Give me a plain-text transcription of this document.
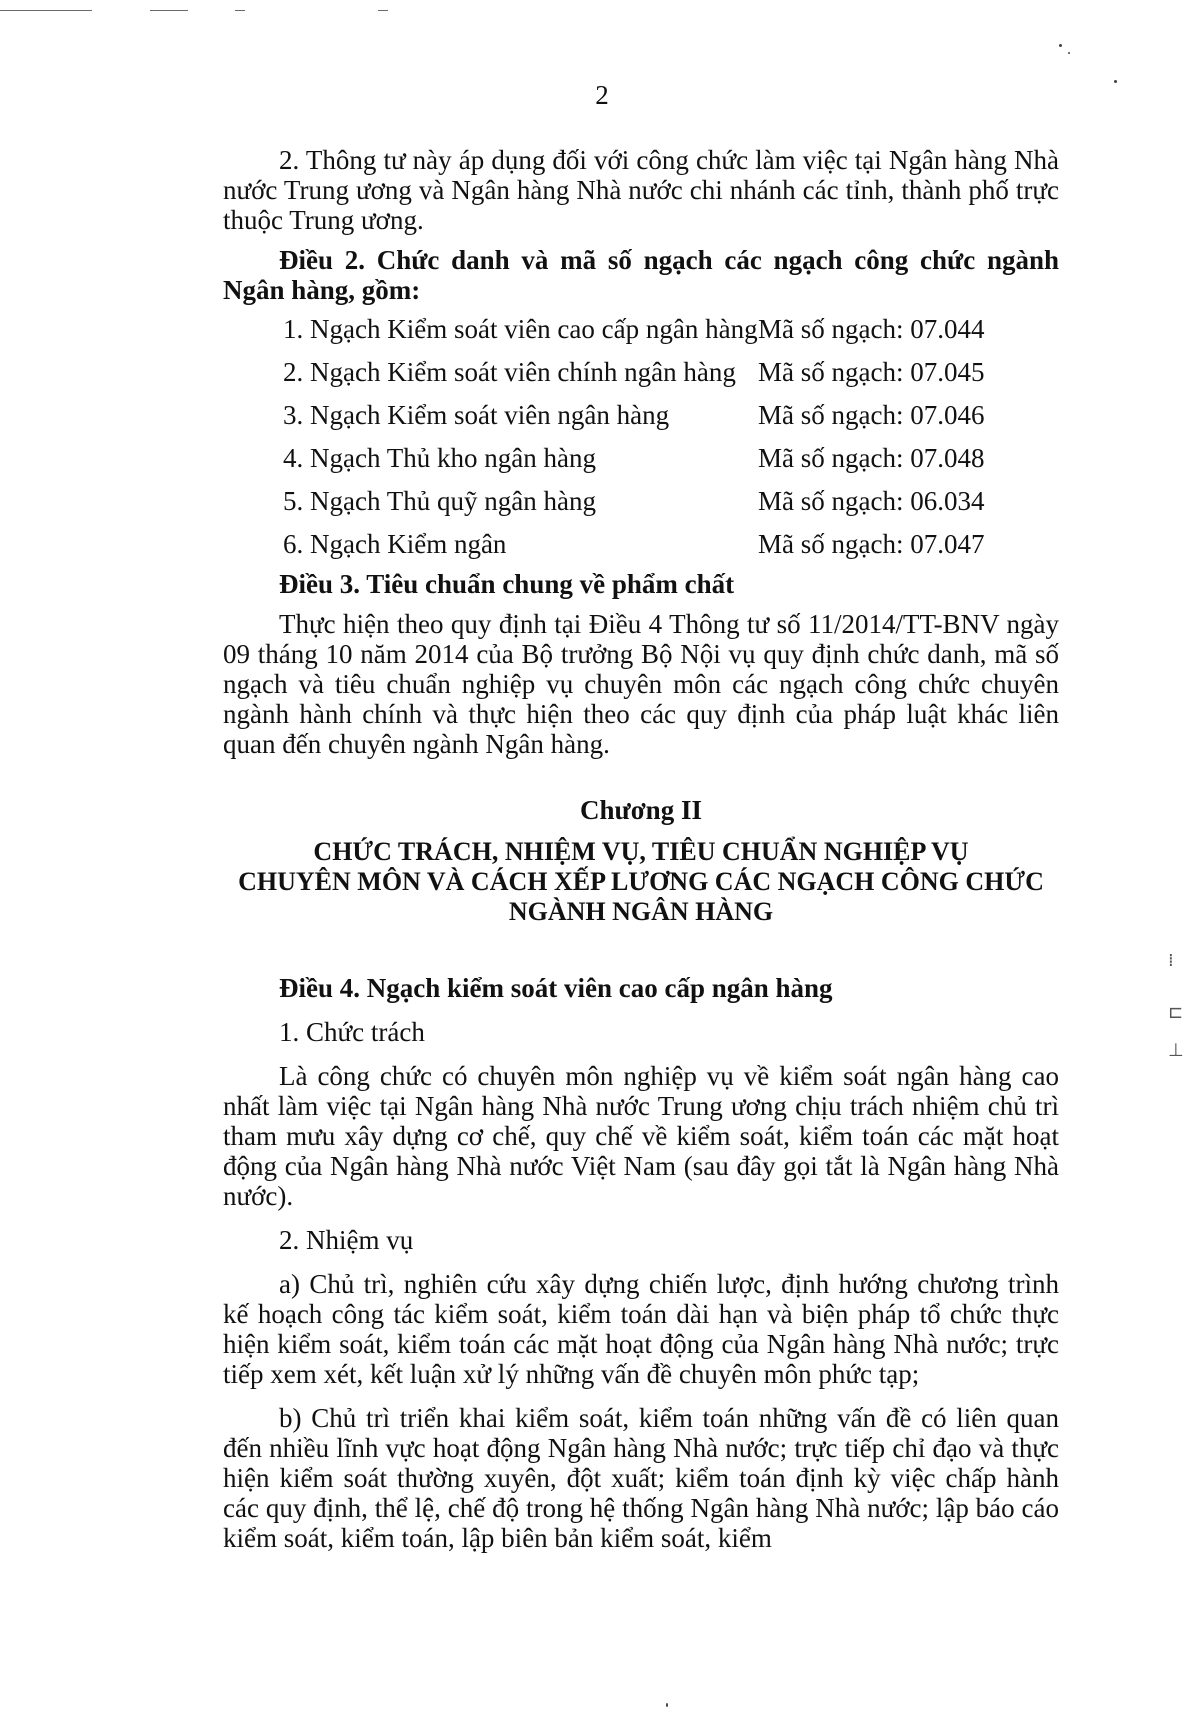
⁞
⊏
⊥
2

2. Thông tư này áp dụng đối với công chức làm việc tại Ngân hàng Nhà nước Trung ương và Ngân hàng Nhà nước chi nhánh các tỉnh, thành phố trực thuộc Trung ương.

Điều 2. Chức danh và mã số ngạch các ngạch công chức ngành Ngân hàng, gồm:

1. Ngạch Kiểm soát viên cao cấp ngân hàng Mã số ngạch: 07.044
2. Ngạch Kiểm soát viên chính ngân hàng Mã số ngạch: 07.045
3. Ngạch Kiểm soát viên ngân hàng	Mã số ngạch: 07.046
4. Ngạch Thủ kho ngân hàng	Mã số ngạch: 07.048
5. Ngạch Thủ quỹ ngân hàng	Mã số ngạch: 06.034
6. Ngạch Kiểm ngân	Mã số ngạch: 07.047

Điều 3. Tiêu chuẩn chung về phẩm chất

Thực hiện theo quy định tại Điều 4 Thông tư số 11/2014/TT-BNV ngày 09 tháng 10 năm 2014 của Bộ trưởng Bộ Nội vụ quy định chức danh, mã số ngạch và tiêu chuẩn nghiệp vụ chuyên môn các ngạch công chức chuyên ngành hành chính và thực hiện theo các quy định của pháp luật khác liên quan đến chuyên ngành Ngân hàng.

Chương II

CHỨC TRÁCH, NHIỆM VỤ, TIÊU CHUẨN NGHIỆP VỤ

CHUYÊN MÔN VÀ CÁCH XẾP LƯƠNG CÁC NGẠCH CÔNG CHỨC

NGÀNH NGÂN HÀNG

Điều 4. Ngạch kiểm soát viên cao cấp ngân hàng

1. Chức trách

Là công chức có chuyên môn nghiệp vụ về kiểm soát ngân hàng cao nhất làm việc tại Ngân hàng Nhà nước Trung ương chịu trách nhiệm chủ trì tham mưu xây dựng cơ chế, quy chế về kiểm soát, kiểm toán các mặt hoạt động của Ngân hàng Nhà nước Việt Nam (sau đây gọi tắt là Ngân hàng Nhà nước).

2. Nhiệm vụ

a) Chủ trì, nghiên cứu xây dựng chiến lược, định hướng chương trình kế hoạch công tác kiểm soát, kiểm toán dài hạn và biện pháp tổ chức thực hiện kiểm soát, kiểm toán các mặt hoạt động của Ngân hàng Nhà nước; trực tiếp xem xét, kết luận xử lý những vấn đề chuyên môn phức tạp;

b) Chủ trì triển khai kiểm soát, kiểm toán những vấn đề có liên quan đến nhiều lĩnh vực hoạt động Ngân hàng Nhà nước; trực tiếp chỉ đạo và thực hiện kiểm soát thường xuyên, đột xuất; kiểm toán định kỳ việc chấp hành các quy định, thể lệ, chế độ trong hệ thống Ngân hàng Nhà nước; lập báo cáo kiểm soát, kiểm toán, lập biên bản kiểm soát, kiểm
